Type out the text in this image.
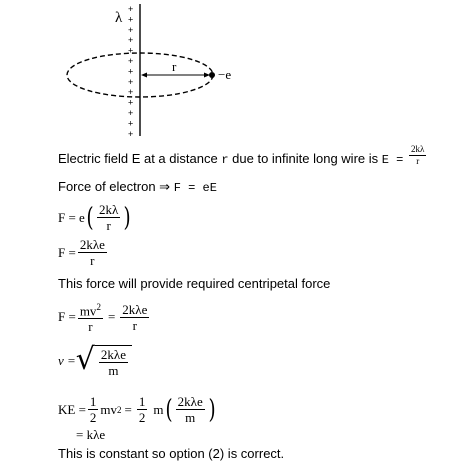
λ
+
+
+
+
+
+
+
+
+
+
+
+
+
r
−e
Electric field E at a distance r due to infinite long wire is $E = \frac{2k\lambda}{r}$
Force of electron ⇒ F = eE
F = e ( $\frac{2k\lambda}{r}$ )
$F = \frac{\text{2kλe}}{r}$
This force will provide required centripetal force
$F = \frac{mv^2}{r} = \frac{\text{2kλe}}{r}$
v = √ $\frac{\text{2kλe}}{m}$
KE = $\frac{1}{2}$ mv $2 = \frac{1}{2}$ m ( $\frac{\text{2kλe}}{m}$ )
= kλe
This is constant so option (2) is correct.
